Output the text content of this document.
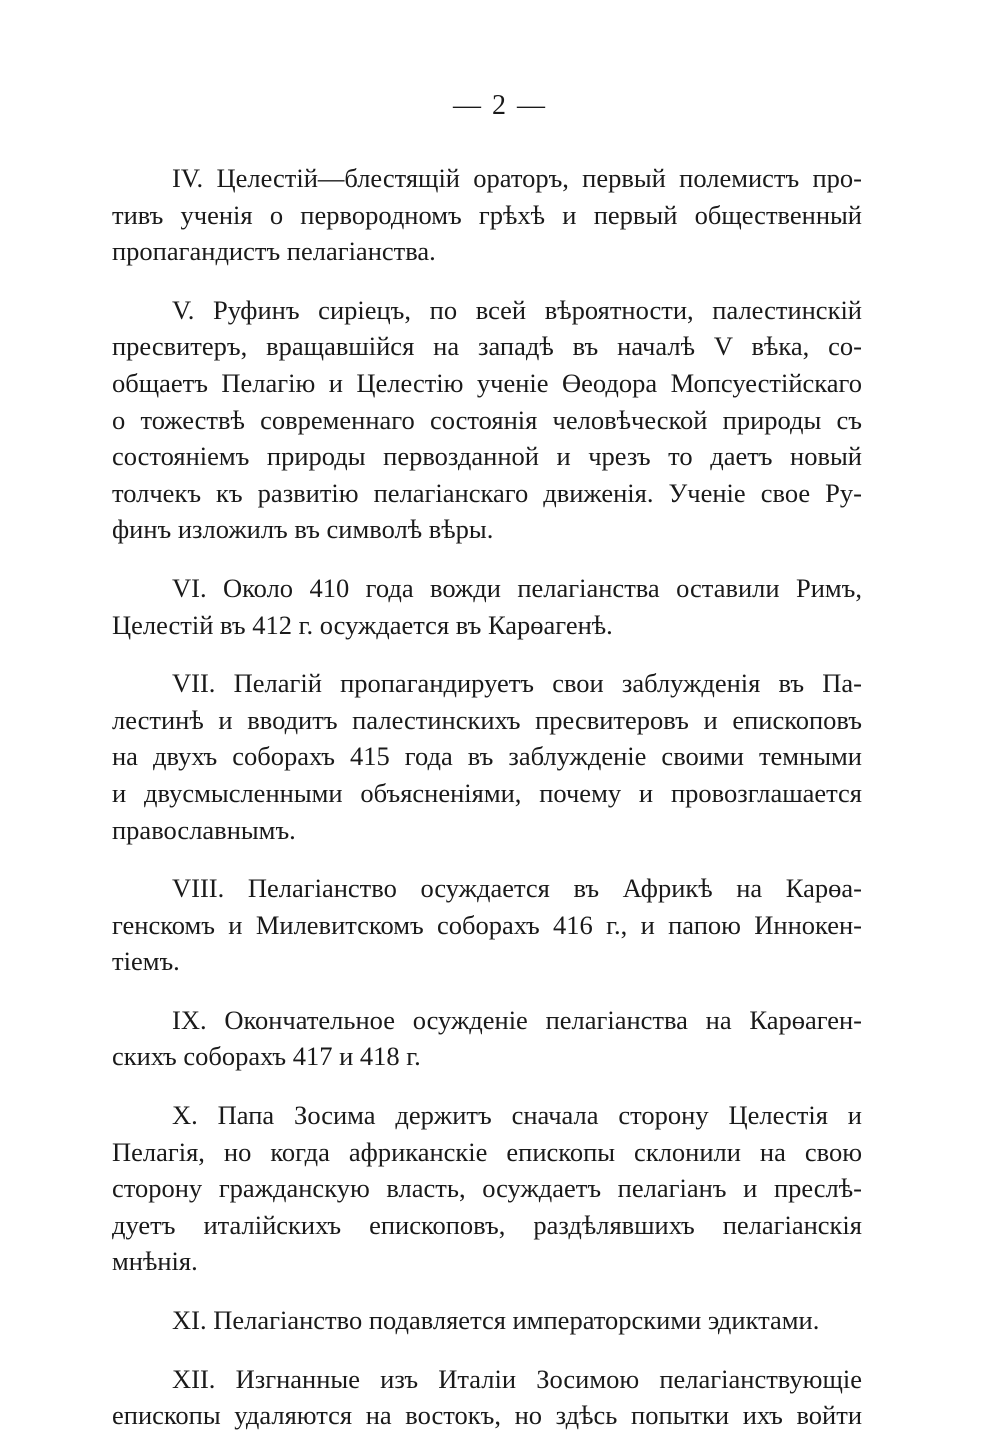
— 2 —

IV. Целестій—блестящій ораторъ, первый полемистъ про-
тивъ ученія о первородномъ грѣхѣ и первый общественный
пропагандистъ пелагіанства.

V. Руфинъ сиріецъ, по всей вѣроятности, палестинскій
пресвитеръ, вращавшійся на западѣ въ началѣ V вѣка, со-
общаетъ Пелагію и Целестію ученіе Өеодора Мопсуестійскаго
о тожествѣ современнаго состоянія человѣческой природы съ
состояніемъ природы первозданной и чрезъ то даетъ новый
толчекъ къ развитію пелагіанскаго движенія. Ученіе свое Ру-
финъ изложилъ въ символѣ вѣры.

VI. Около 410 года вожди пелагіанства оставили Римъ,
Целестій въ 412 г. осуждается въ Карөагенѣ.

VII. Пелагій пропагандируетъ свои заблужденія въ Па-
лестинѣ и вводитъ палестинскихъ пресвитеровъ и епископовъ
на двухъ соборахъ 415 года въ заблужденіе своими темными
и двусмысленными объясненіями, почему и провозглашается
православнымъ.

VIII. Пелагіанство осуждается въ Африкѣ на Карөа-
генскомъ и Милевитскомъ соборахъ 416 г., и папою Иннокен-
тіемъ.

IX. Окончательное осужденіе пелагіанства на Карөаген-
скихъ соборахъ 417 и 418 г.

X. Папа Зосима держитъ сначала сторону Целестія и
Пелагія, но когда африканскіе епископы склонили на свою
сторону гражданскую власть, осуждаетъ пелагіанъ и преслѣ-
дуетъ италійскихъ епископовъ, раздѣлявшихъ пелагіанскія
мнѣнія.

XI. Пелагіанство подавляется императорскими эдиктами.

XII. Изгнанные изъ Италіи Зосимою пелагіанствующіе
епископы удаляются на востокъ, но здѣсь попытки ихъ войти
